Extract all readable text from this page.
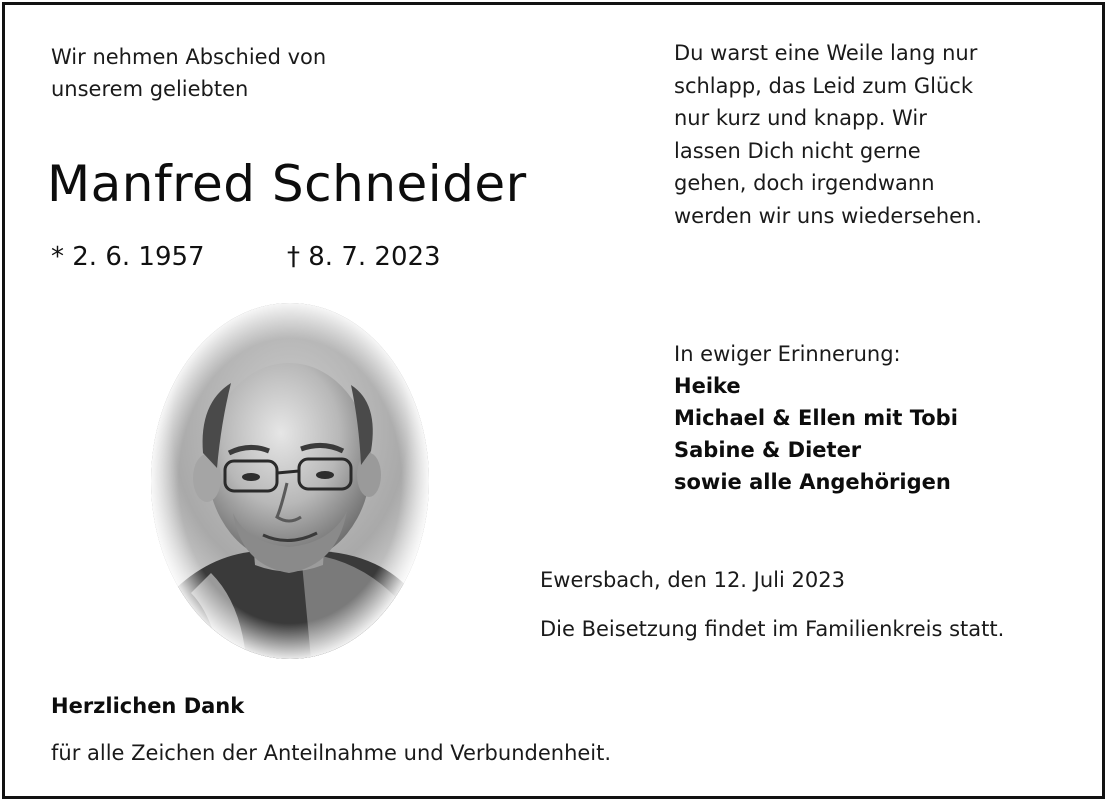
Wir nehmen Abschied von
unserem geliebten
Manfred Schneider
* 2. 6. 1957	† 8. 7. 2023
Du warst eine Weile lang nur
schlapp, das Leid zum Glück
nur kurz und knapp. Wir
lassen Dich nicht gerne
gehen, doch irgendwann
werden wir uns wiedersehen.
In ewiger Erinnerung:
Heike
Michael & Ellen mit Tobi
Sabine & Dieter
sowie alle Angehörigen
Ewersbach, den 12. Juli 2023
Die Beisetzung findet im Familienkreis statt.
Herzlichen Dank
für alle Zeichen der Anteilnahme und Verbundenheit.
